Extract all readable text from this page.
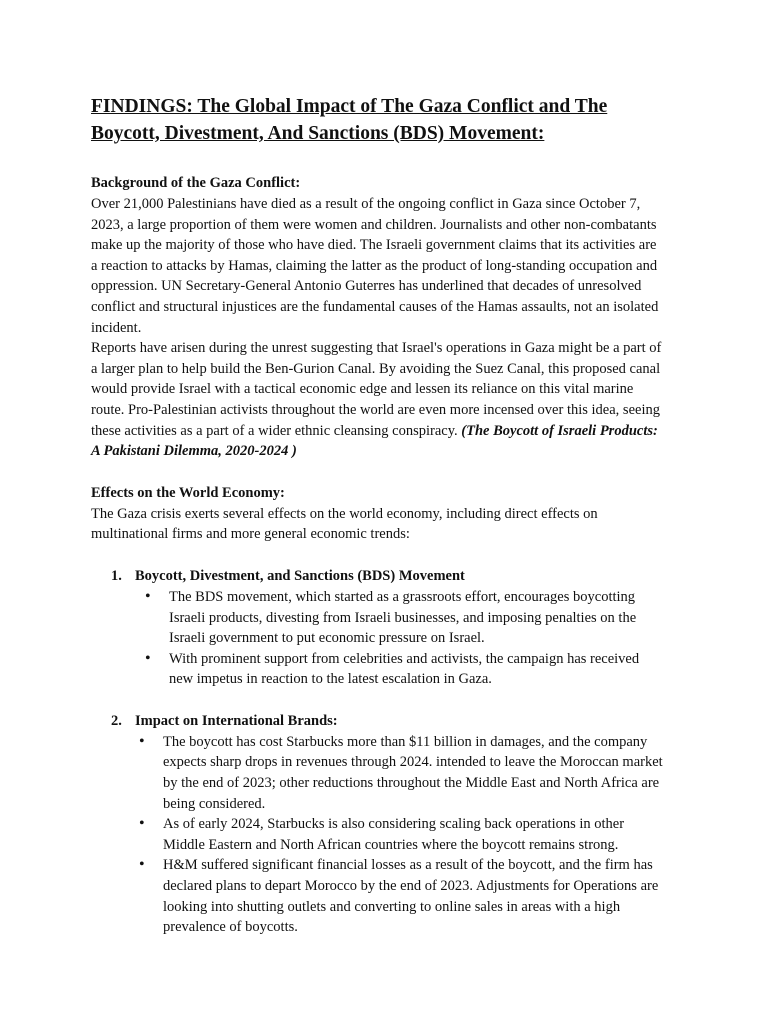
FINDINGS: The Global Impact of The Gaza Conflict and The Boycott, Divestment, And Sanctions (BDS) Movement:
Background of the Gaza Conflict:

Over 21,000 Palestinians have died as a result of the ongoing conflict in Gaza since October 7, 2023, a large proportion of them were women and children. Journalists and other non-combatants make up the majority of those who have died. The Israeli government claims that its activities are a reaction to attacks by Hamas, claiming the latter as the product of long-standing occupation and oppression. UN Secretary-General Antonio Guterres has underlined that decades of unresolved conflict and structural injustices are the fundamental causes of the Hamas assaults, not an isolated incident.

Reports have arisen during the unrest suggesting that Israel's operations in Gaza might be a part of a larger plan to help build the Ben-Gurion Canal. By avoiding the Suez Canal, this proposed canal would provide Israel with a tactical economic edge and lessen its reliance on this vital marine route. Pro-Palestinian activists throughout the world are even more incensed over this idea, seeing these activities as a part of a wider ethnic cleansing conspiracy. (The Boycott of Israeli Products: A Pakistani Dilemma, 2020-2024 )

Effects on the World Economy:

The Gaza crisis exerts several effects on the world economy, including direct effects on multinational firms and more general economic trends:

1. Boycott, Divestment, and Sanctions (BDS) Movement
• The BDS movement, which started as a grassroots effort, encourages boycotting Israeli products, divesting from Israeli businesses, and imposing penalties on the Israeli government to put economic pressure on Israel.
• With prominent support from celebrities and activists, the campaign has received new impetus in reaction to the latest escalation in Gaza.
2. Impact on International Brands:
• The boycott has cost Starbucks more than $11 billion in damages, and the company expects sharp drops in revenues through 2024. intended to leave the Moroccan market by the end of 2023; other reductions throughout the Middle East and North Africa are being considered.
• As of early 2024, Starbucks is also considering scaling back operations in other Middle Eastern and North African countries where the boycott remains strong.
• H&M suffered significant financial losses as a result of the boycott, and the firm has declared plans to depart Morocco by the end of 2023. Adjustments for Operations are looking into shutting outlets and converting to online sales in areas with a high prevalence of boycotts.
